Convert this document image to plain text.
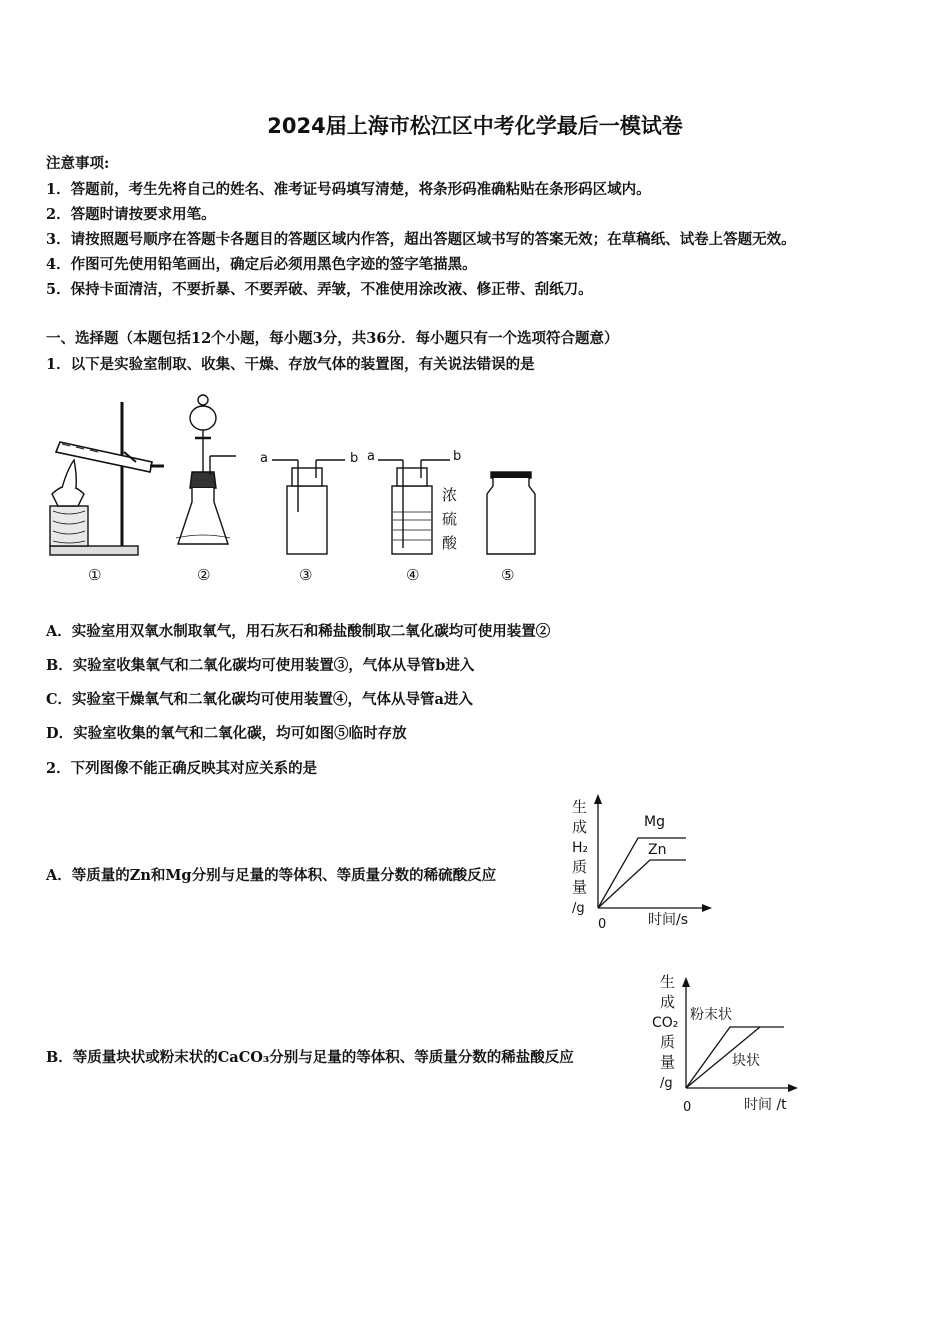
2024届上海市松江区中考化学最后一模试卷
注意事项:
1．答题前，考生先将自己的姓名、准考证号码填写清楚，将条形码准确粘贴在条形码区域内。
2．答题时请按要求用笔。
3．请按照题号顺序在答题卡各题目的答题区域内作答，超出答题区域书写的答案无效；在草稿纸、试卷上答题无效。
4．作图可先使用铅笔画出，确定后必须用黑色字迹的签字笔描黑。
5．保持卡面清洁，不要折暴、不要弄破、弄皱，不准使用涂改液、修正带、刮纸刀。
一、选择题（本题包括12个小题，每小题3分，共36分．每小题只有一个选项符合题意）
1．以下是实验室制取、收集、干燥、存放气体的装置图，有关说法错误的是
①	②
a	b
③
a	b
浓
硫
酸
④	⑤
A．实验室用双氧水制取氧气，用石灰石和稀盐酸制取二氧化碳均可使用装置②
B．实验室收集氧气和二氧化碳均可使用装置③，气体从导管b进入
C．实验室干燥氧气和二氧化碳均可使用装置④，气体从导管a进入
D．实验室收集的氧气和二氧化碳，均可如图⑤临时存放
2．下列图像不能正确反映其对应关系的是
A．等质量的Zn和Mg分别与足量的等体积、等质量分数的稀硫酸反应
生
成
H₂
质
量
/g
0	时间/s
Mg
Zn
B．等质量块状或粉末状的CaCO₃分别与足量的等体积、等质量分数的稀盐酸反应
生
成
CO₂
质
量
/g
0	时间 /t
粉末状
块状
